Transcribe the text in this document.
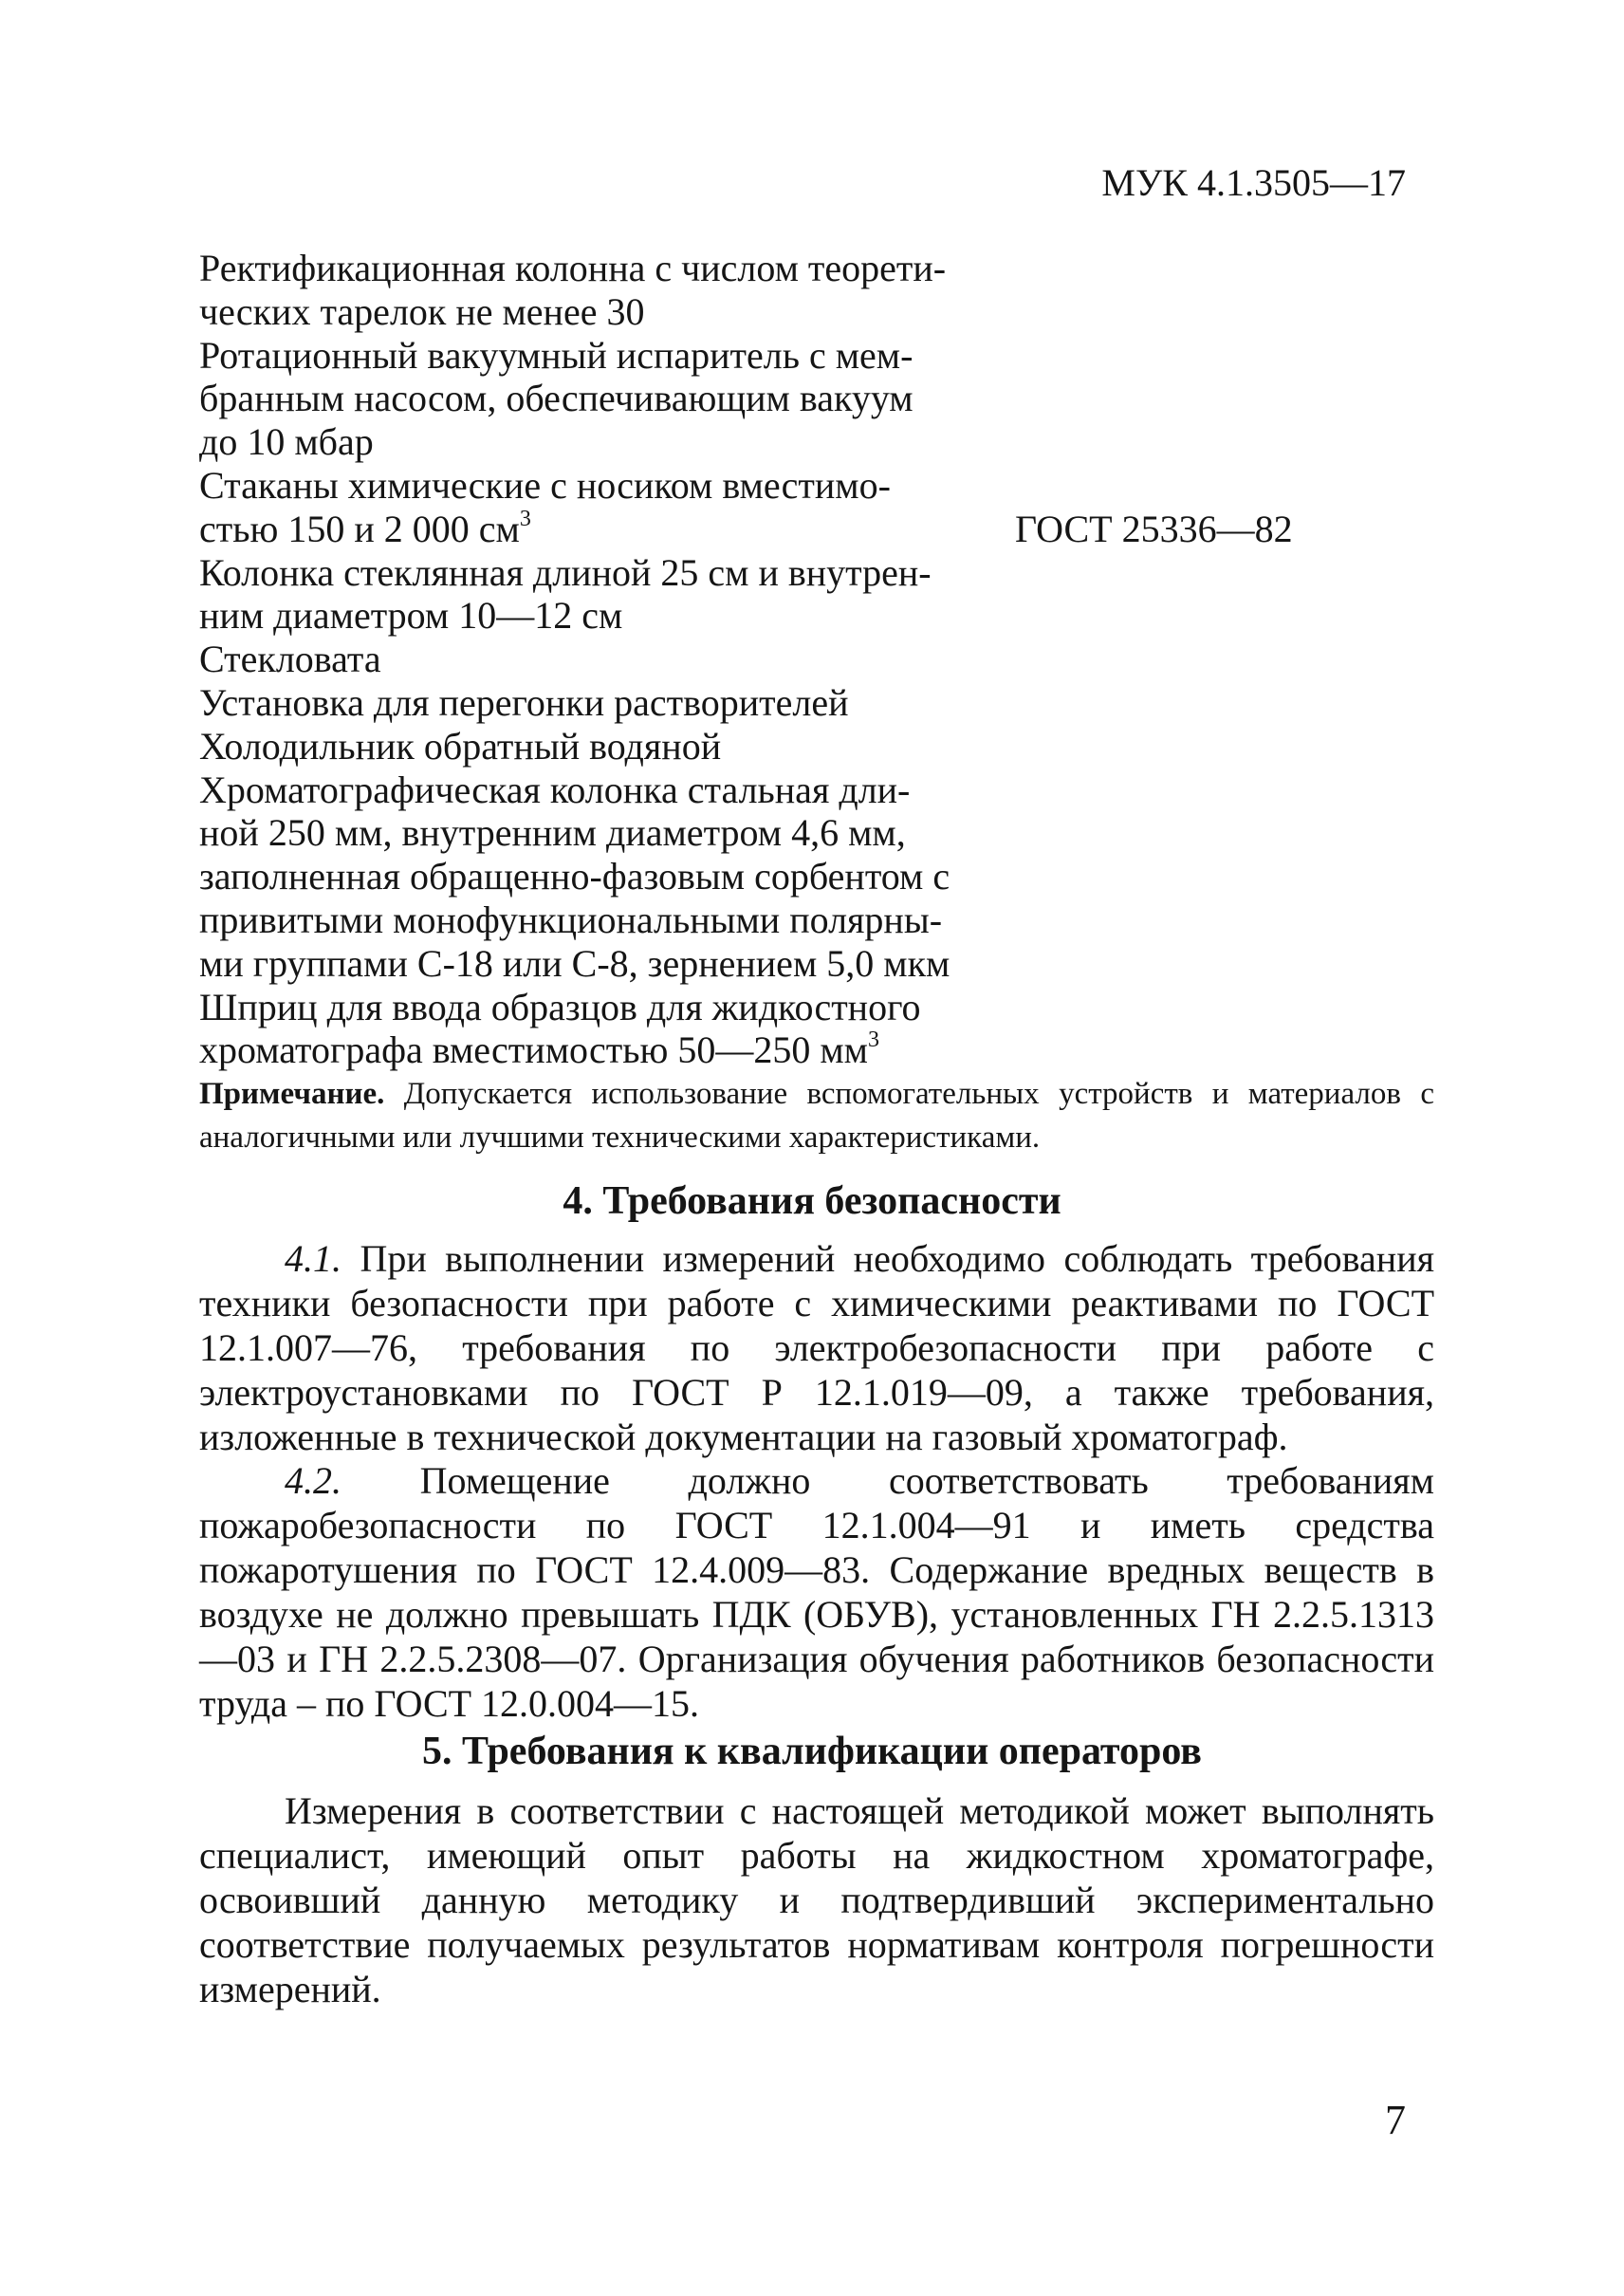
МУК 4.1.3505—17
Ректификационная колонна с числом теорети-
ческих тарелок не менее 30
Ротационный вакуумный испаритель с мем-
бранным насосом, обеспечивающим вакуум
до 10 мбар
Стаканы химические с носиком вместимо-
стью 150 и 2 000 $см^3$	ГОСТ 25336—82
Колонка стеклянная длиной 25 см и внутрен-
ним диаметром 10—12 см
Стекловата
Установка для перегонки растворителей
Холодильник обратный водяной
Хроматографическая колонка стальная дли-
ной 250 мм, внутренним диаметром 4,6 мм,
заполненная обращенно-фазовым сорбентом с
привитыми монофункциональными полярны-
ми группами С-18 или С-8, зернением 5,0 мкм
Шприц для ввода образцов для жидкостного
хроматографа вместимостью 50—250 $мм^3$
Примечание. Допускается использование вспомогательных устройств и материалов с аналогичными или лучшими техническими характеристиками.
4. Требования безопасности

4.1. При выполнении измерений необходимо соблюдать требования техники безопасности при работе с химическими реактивами по ГОСТ 12.1.007—76, требования по электробезопасности при работе с электроустановками по ГОСТ Р 12.1.019—09, а также требования, изложенные в технической документации на газовый хроматограф.

4.2. Помещение должно соответствовать требованиям пожаробезопасности по ГОСТ 12.1.004—91 и иметь средства пожаротушения по ГОСТ 12.4.009—83. Содержание вредных веществ в воздухе не должно превышать ПДК (ОБУВ), установленных ГН 2.2.5.1313—03 и ГН 2.2.5.2308—07. Организация обучения работников безопасности труда – по ГОСТ 12.0.004—15.

5. Требования к квалификации операторов

Измерения в соответствии с настоящей методикой может выполнять специалист, имеющий опыт работы на жидкостном хроматографе, освоивший данную методику и подтвердивший экспериментально соответствие получаемых результатов нормативам контроля погрешности измерений.

7
